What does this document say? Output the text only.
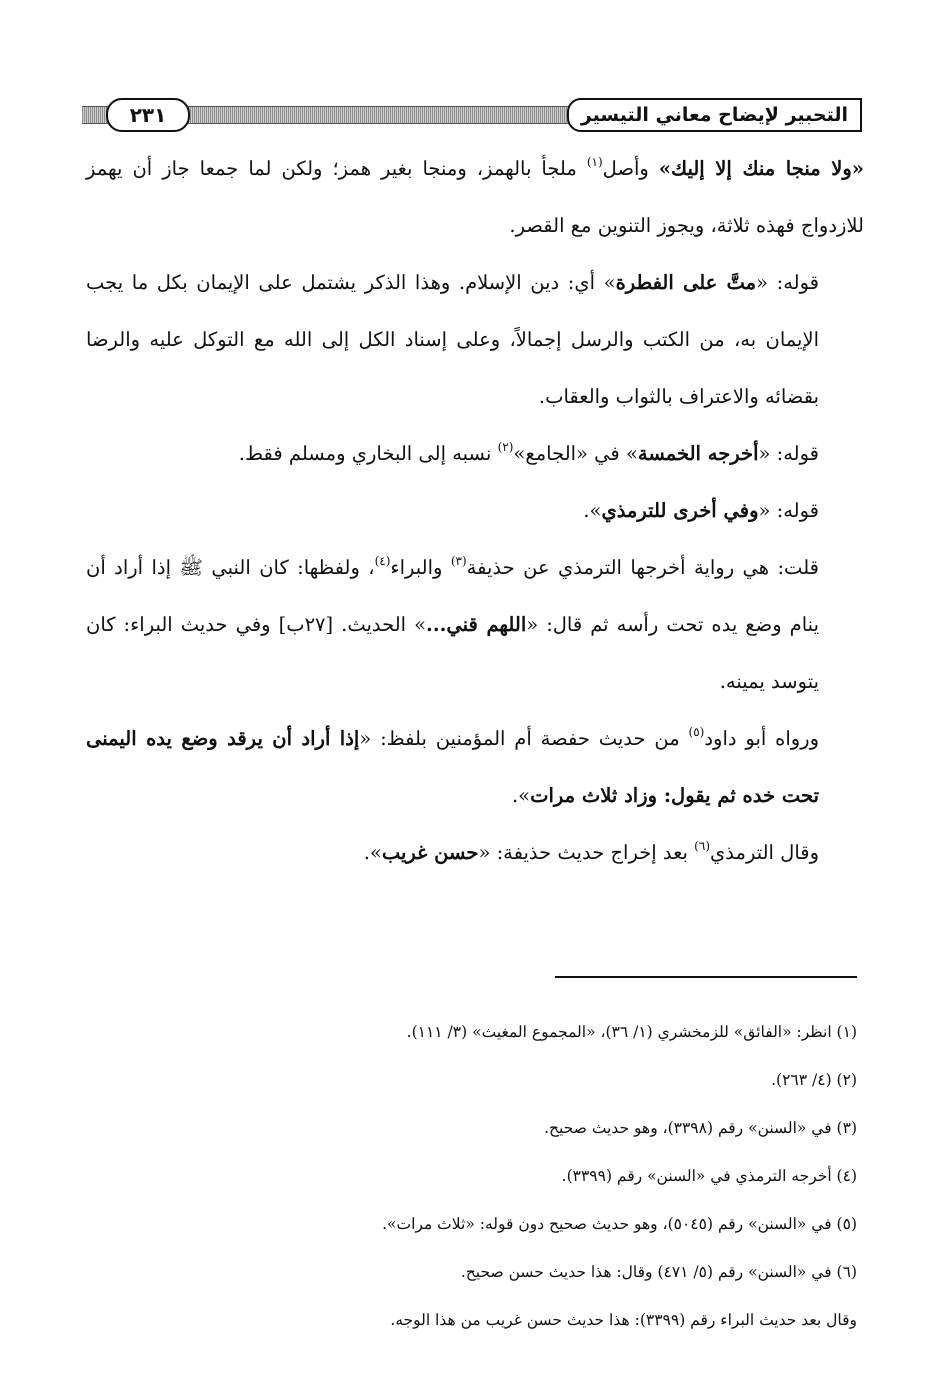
٢٣١	التحبير لإيضاح معاني التيسير

«ولا منجا منك إلا إليك» وأصل$^{(١)}$ ملجأ بالهمز، ومنجا بغير همز؛ ولكن لما جمعا جاز أن يهمز للازدواج فهذه ثلاثة، ويجوز التنوين مع القصر.

قوله: «متَّ على الفطرة» أي: دين الإسلام. وهذا الذكر يشتمل على الإيمان بكل ما يجب الإيمان به، من الكتب والرسل إجمالاً، وعلى إسناد الكل إلى الله مع التوكل عليه والرضا بقضائه والاعتراف بالثواب والعقاب.

قوله: «أخرجه الخمسة» في «الجامع»$^{(٢)}$ نسبه إلى البخاري ومسلم فقط.

قوله: «وفي أخرى للترمذي».

قلت: هي رواية أخرجها الترمذي عن حذيفة$^{(٣)}$ والبراء$^{(٤)}$، ولفظها: كان النبي ﷺ إذا أراد أن ينام وضع يده تحت رأسه ثم قال: «اللهم قني...» الحديث. [٢٧ب] وفي حديث البراء: كان يتوسد يمينه.

ورواه أبو داود$^{(٥)}$ من حديث حفصة أم المؤمنين بلفظ: «إذا أراد أن يرقد وضع يده اليمنى تحت خده ثم يقول: وزاد ثلاث مرات».

وقال الترمذي$^{(٦)}$ بعد إخراج حديث حذيفة: «حسن غريب».

(١) انظر: «الفائق» للزمخشري (١/ ٣٦)، «المجموع المغيث» (٣/ ١١١).

(٢) (٤/ ٢٦٣).

(٣) في «السنن» رقم (٣٣٩٨)، وهو حديث صحيح.

(٤) أخرجه الترمذي في «السنن» رقم (٣٣٩٩).

(٥) في «السنن» رقم (٥٠٤٥)، وهو حديث صحيح دون قوله: «ثلاث مرات».

(٦) في «السنن» رقم (٥/ ٤٧١) وقال: هذا حديث حسن صحيح.

وقال بعد حديث البراء رقم (٣٣٩٩): هذا حديث حسن غريب من هذا الوجه.
